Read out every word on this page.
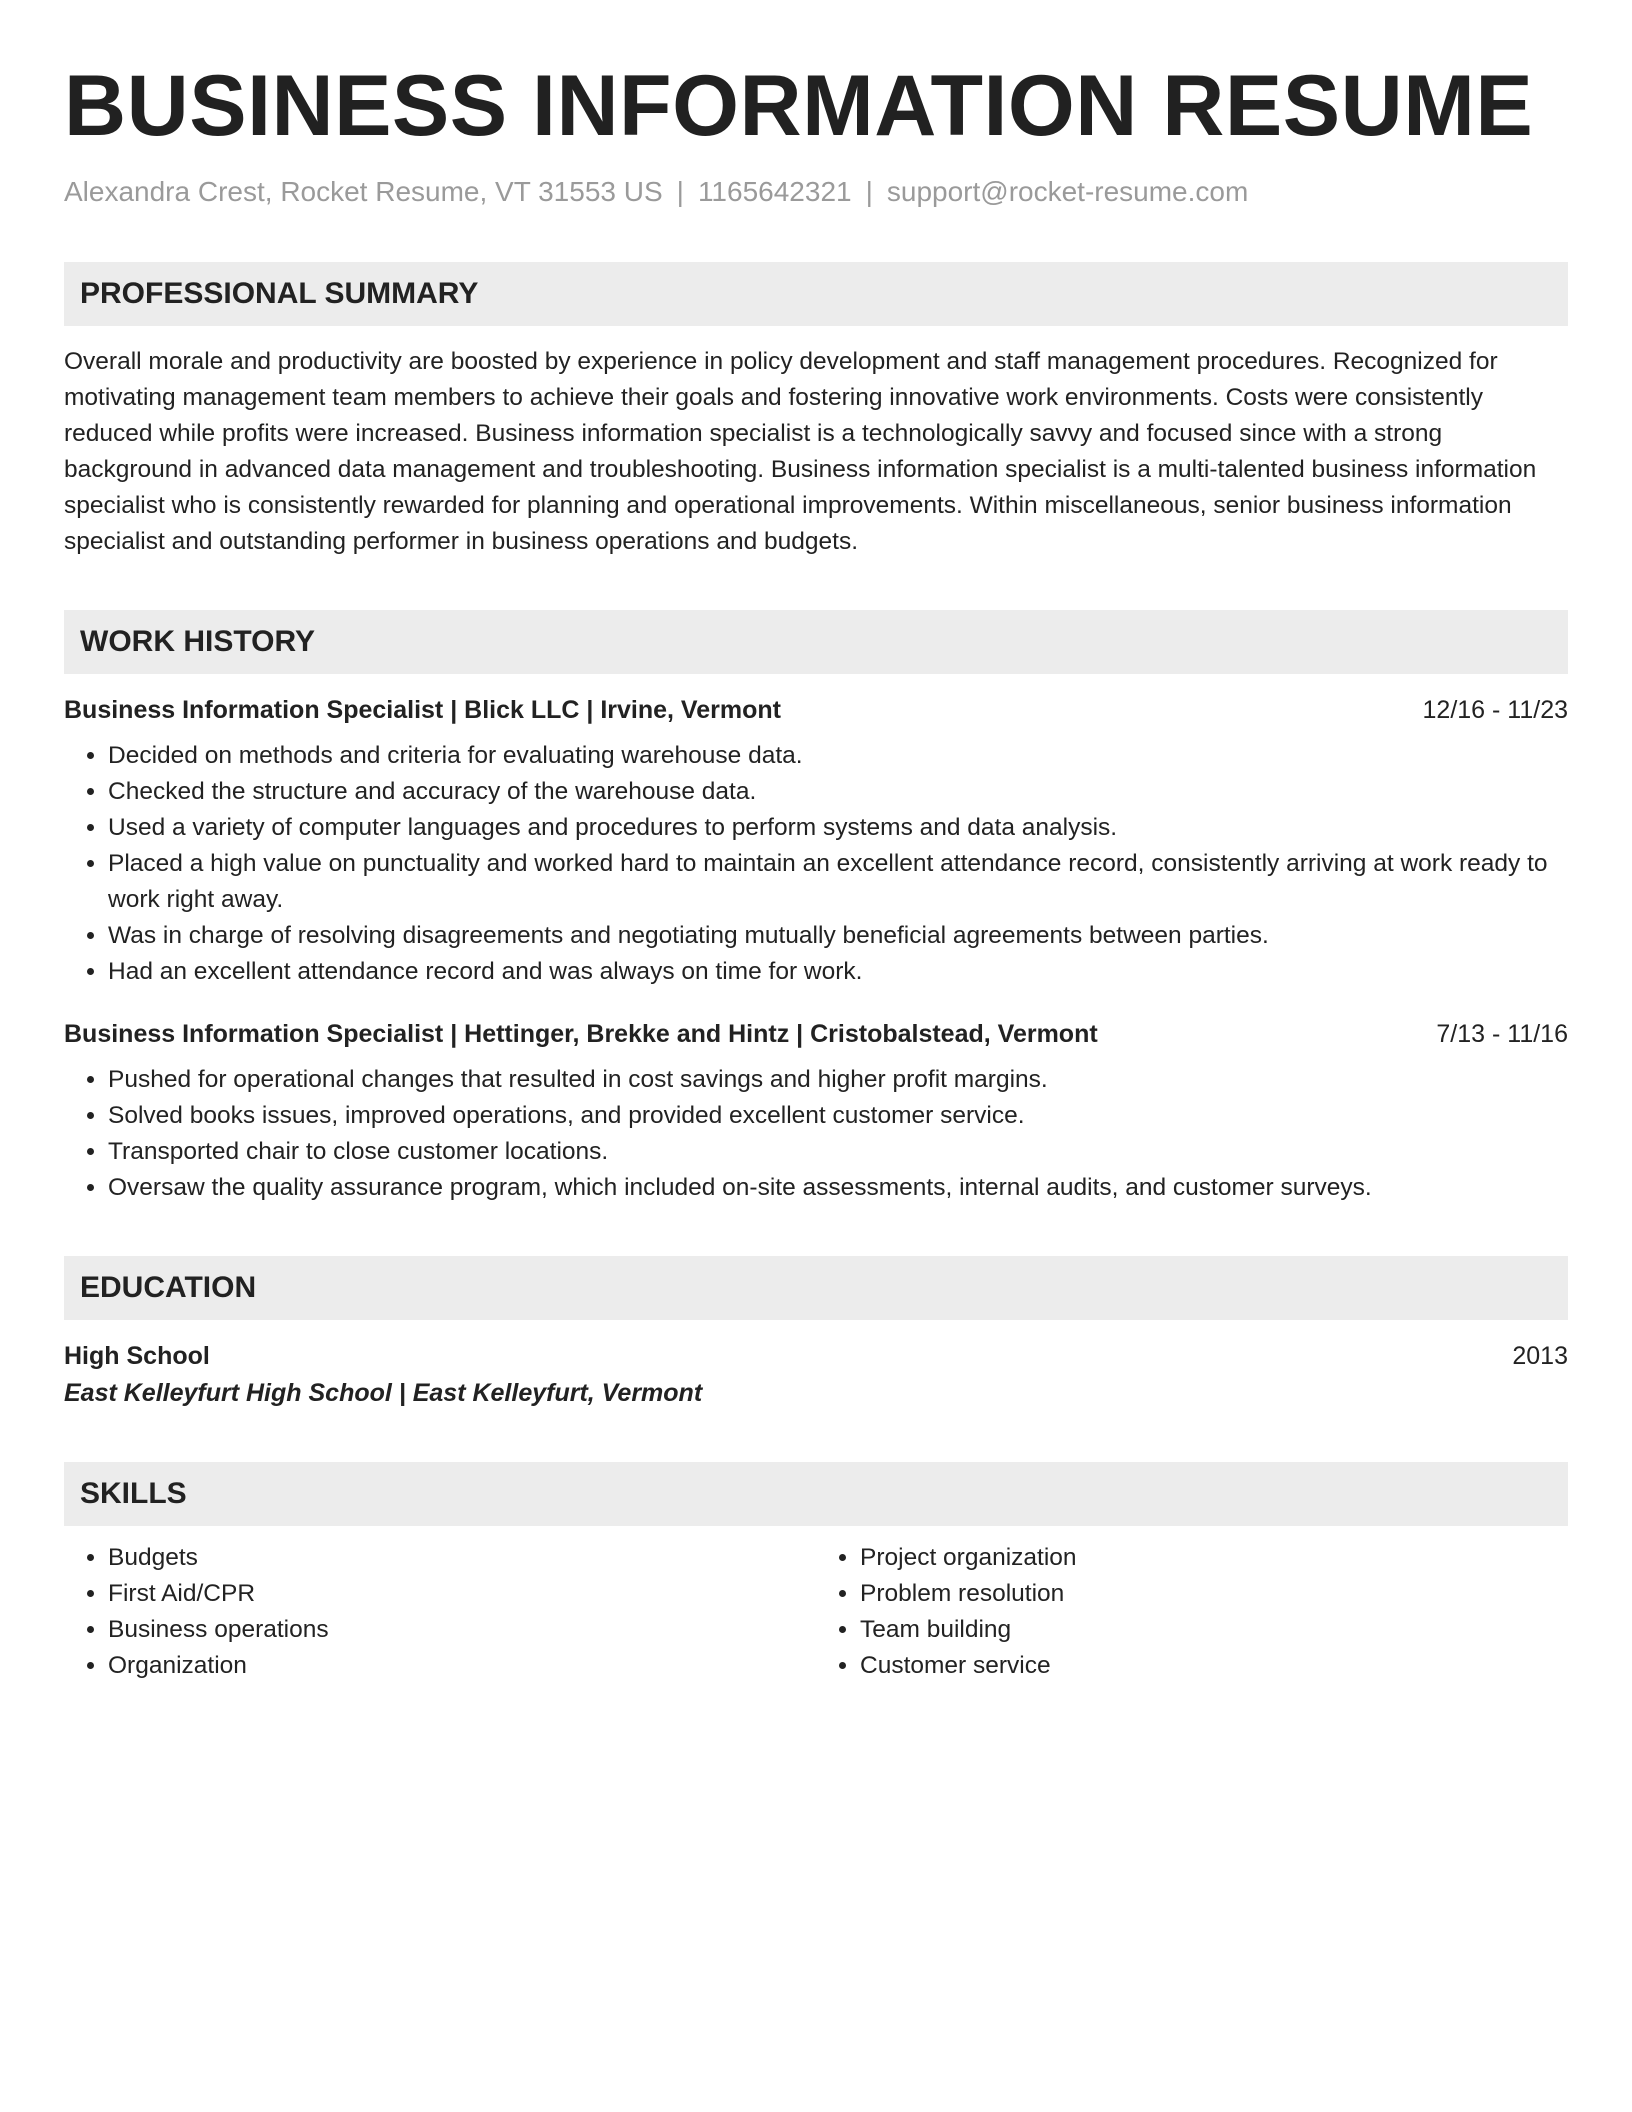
BUSINESS INFORMATION RESUME
Alexandra Crest, Rocket Resume, VT 31553 US | 1165642321 | support@rocket-resume.com
PROFESSIONAL SUMMARY
Overall morale and productivity are boosted by experience in policy development and staff management procedures. Recognized for motivating management team members to achieve their goals and fostering innovative work environments. Costs were consistently reduced while profits were increased. Business information specialist is a technologically savvy and focused since with a strong background in advanced data management and troubleshooting. Business information specialist is a multi-talented business information specialist who is consistently rewarded for planning and operational improvements. Within miscellaneous, senior business information specialist and outstanding performer in business operations and budgets.
WORK HISTORY
Business Information Specialist | Blick LLC | Irvine, Vermont	12/16 - 11/23
• Decided on methods and criteria for evaluating warehouse data.
• Checked the structure and accuracy of the warehouse data.
• Used a variety of computer languages and procedures to perform systems and data analysis.
• Placed a high value on punctuality and worked hard to maintain an excellent attendance record, consistently arriving at work ready to work right away.
• Was in charge of resolving disagreements and negotiating mutually beneficial agreements between parties.
• Had an excellent attendance record and was always on time for work.
Business Information Specialist | Hettinger, Brekke and Hintz | Cristobalstead, Vermont	7/13 - 11/16
• Pushed for operational changes that resulted in cost savings and higher profit margins.
• Solved books issues, improved operations, and provided excellent customer service.
• Transported chair to close customer locations.
• Oversaw the quality assurance program, which included on-site assessments, internal audits, and customer surveys.
EDUCATION
High School	2013
East Kelleyfurt High School | East Kelleyfurt, Vermont
SKILLS
• Budgets
• First Aid/CPR
• Business operations
• Organization
• Project organization
• Problem resolution
• Team building
• Customer service
